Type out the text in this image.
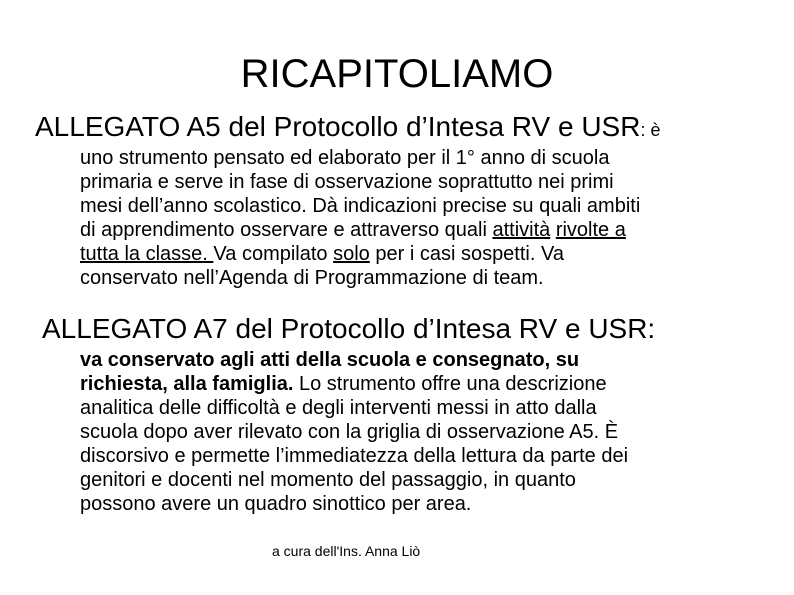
RICAPITOLIAMO
ALLEGATO A5 del Protocollo d’Intesa RV e USR: è
uno strumento pensato ed elaborato per il 1° anno di scuola
primaria e serve in fase di osservazione soprattutto nei primi
mesi dell’anno scolastico. Dà indicazioni precise su quali ambiti
di apprendimento osservare e attraverso quali attività rivolte a
tutta la classe. Va compilato solo per i casi sospetti. Va
conservato nell’Agenda di Programmazione di team.
ALLEGATO A7 del Protocollo d’Intesa RV e USR:
va conservato agli atti della scuola e consegnato, su
richiesta, alla famiglia. Lo strumento offre una descrizione
analitica delle difficoltà e degli interventi messi in atto dalla
scuola dopo aver rilevato con la griglia di osservazione A5. È
discorsivo e permette l’immediatezza della lettura da parte dei
genitori e docenti nel momento del passaggio, in quanto
possono avere un quadro sinottico per area.
a cura dell'Ins. Anna Liò
